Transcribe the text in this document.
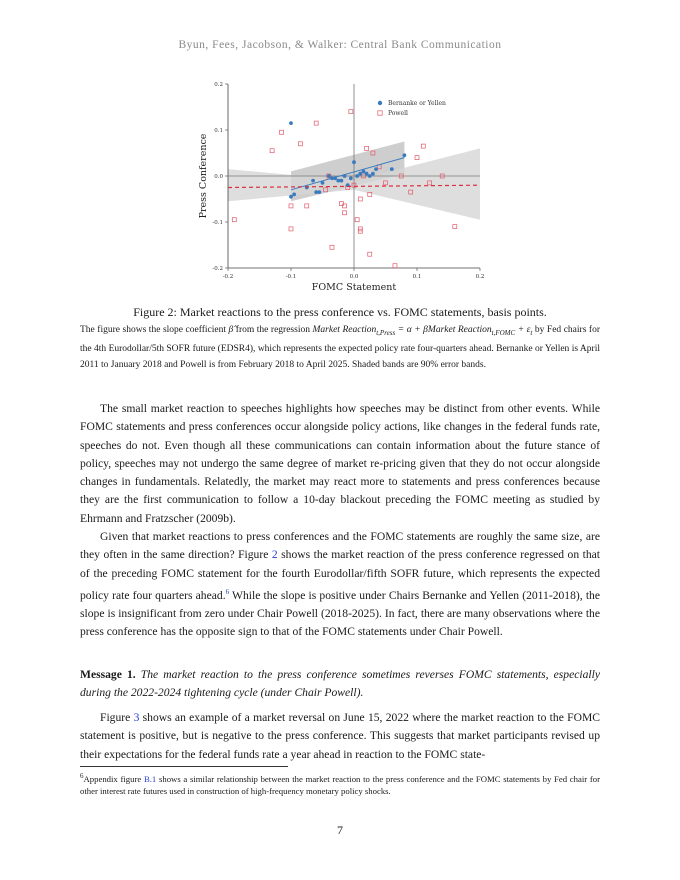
Byun, Fees, Jacobson, & Walker: Central Bank Communication
-0.2	-0.1	0.0	0.1	0.2
0.2
0.1
0.0
-0.1
-0.2
FOMC Statement
Press Conference
Bernanke or Yellen
Powell
Figure 2: Market reactions to the press conference vs. FOMC statements, basis points.
The figure shows the slope coefficient β̂ from the regression Market Reaction$_{t,Press}$ = α + βMarket Reaction$_{t,FOMC}$ + $\varepsilon_t$ by Fed chairs for the 4th Eurodollar/5th SOFR future (EDSR4), which represents the expected policy rate four-quarters ahead. Bernanke or Yellen is April 2011 to January 2018 and Powell is from February 2018 to April 2025. Shaded bands are 90% error bands.

The small market reaction to speeches highlights how speeches may be distinct from other events. While FOMC statements and press conferences occur alongside policy actions, like changes in the federal funds rate, speeches do not. Even though all these communications can contain information about the future stance of policy, speeches may not undergo the same degree of market re-pricing given that they do not occur alongside changes in fundamentals. Relatedly, the market may react more to statements and press conferences because they are the first communication to follow a 10-day blackout preceding the FOMC meeting as studied by Ehrmann and Fratzscher (2009b).

Given that market reactions to press conferences and the FOMC statements are roughly the same size, are they often in the same direction? Figure 2 shows the market reaction of the press conference regressed on that of the preceding FOMC statement for the fourth Eurodollar/fifth SOFR future, which represents the expected policy rate four quarters ahead.$^6$ While the slope is positive under Chairs Bernanke and Yellen (2011-2018), the slope is insignificant from zero under Chair Powell (2018-2025). In fact, there are many observations where the press conference has the opposite sign to that of the FOMC statements under Chair Powell.

Message 1. The market reaction to the press conference sometimes reverses FOMC statements, especially during the 2022-2024 tightening cycle (under Chair Powell).

Figure 3 shows an example of a market reversal on June 15, 2022 where the market reaction to the FOMC statement is positive, but is negative to the press conference. This suggests that market participants revised up their expectations for the federal funds rate a year ahead in reaction to the FOMC state-

$^6$Appendix figure B.1 shows a similar relationship between the market reaction to the press conference and the FOMC statements by Fed chair for other interest rate futures used in construction of high-frequency monetary policy shocks.
7
